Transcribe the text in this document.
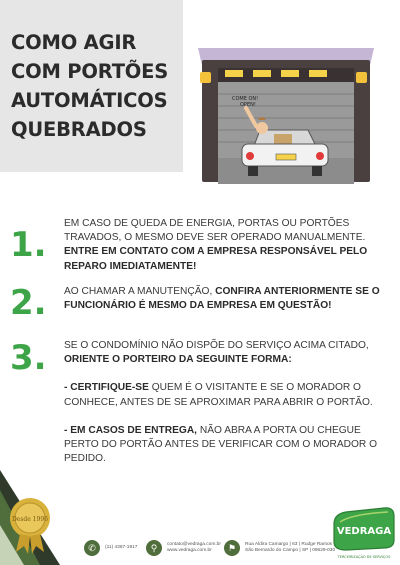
COMO AGIR
COM PORTÕES
AUTOMÁTICOS
QUEBRADOS
COME ON!
OPEN!
1.
EM CASO DE QUEDA DE ENERGIA, PORTAS OU PORTÕES TRAVADOS, O MESMO DEVE SER OPERADO MANUALMENTE.
ENTRE EM CONTATO COM A EMPRESA RESPONSÁVEL PELO REPARO IMEDIATAMENTE!
2. AO CHAMAR A MANUTENÇÃO, CONFIRA ANTERIORMENTE SE O FUNCIONÁRIO É MESMO DA EMPRESA EM QUESTÃO!
3. SE O CONDOMÍNIO NÃO DISPÕE DO SERVIÇO ACIMA CITADO, ORIENTE O PORTEIRO DA SEGUINTE FORMA:
- CERTIFIQUE-SE QUEM É O VISITANTE E SE O MORADOR O CONHECE, ANTES DE SE APROXIMAR PARA ABRIR O PORTÃO.
- EM CASOS DE ENTREGA, NÃO ABRA A PORTA OU CHEGUE PERTO DO PORTÃO ANTES DE VERIFICAR COM O MORADOR O PEDIDO.
Desde 1996
VEDRAGA
TERCEIRIZAÇÃO DE SERVIÇOS
✆	(11) 4367-1917	⚲	contato@vedraga.com.br
www.vedraga.com.br	⚑	Rua Aldira Camargo | 63 | Rudge Ramos
São Bernardo do Campo | SP | 09629-030
